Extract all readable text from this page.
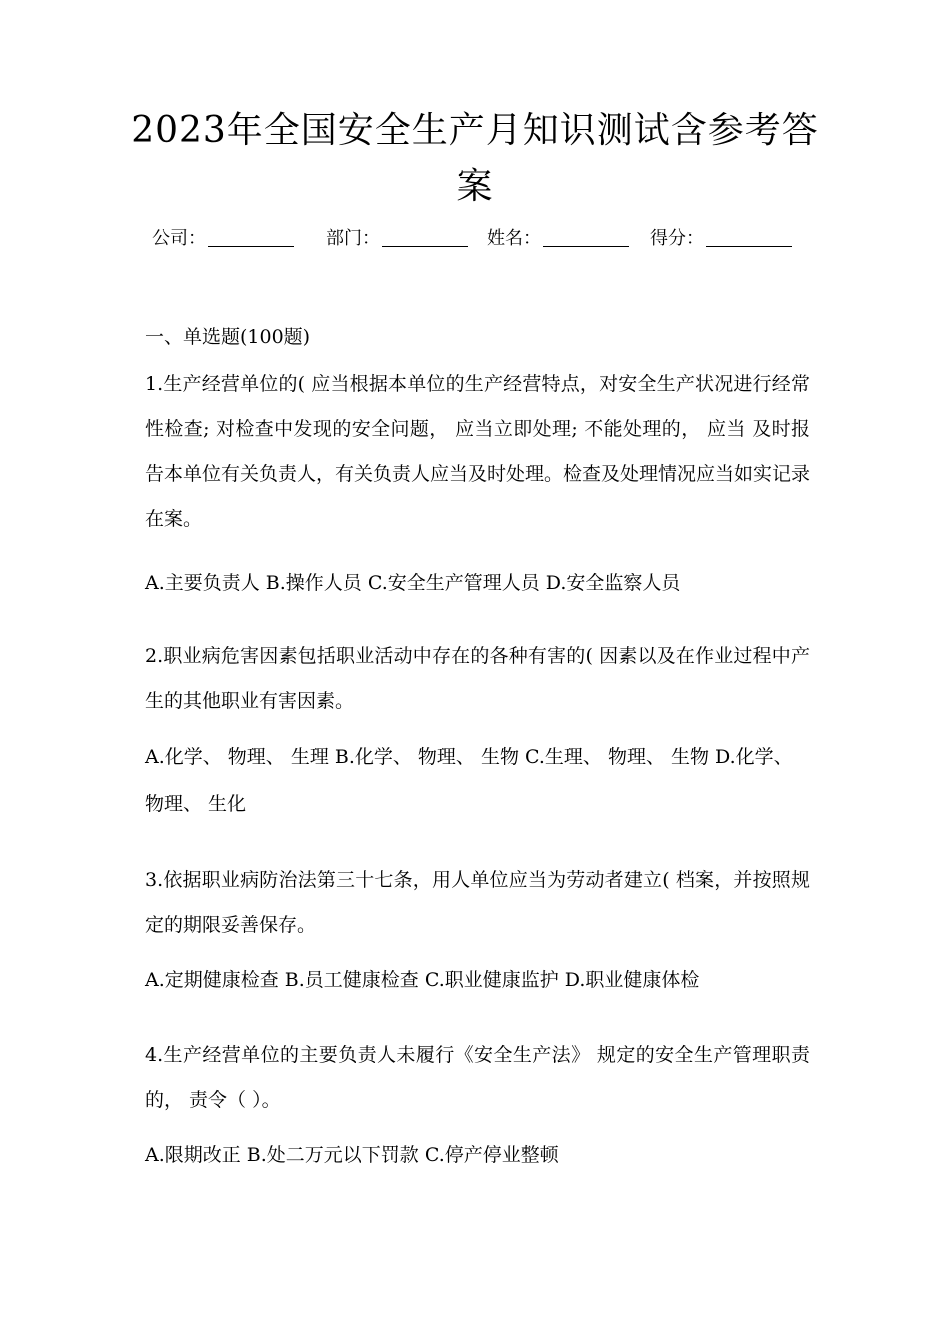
2023年全国安全生产月知识测试含参考答案
公司：	部门：	姓名：	得分：
一、单选题(100题)
1.生产经营单位的( 应当根据本单位的生产经营特点，对安全生产状况进行经常性检查; 对检查中发现的安全问题， 应当立即处理; 不能处理的， 应当 及时报告本单位有关负责人，有关负责人应当及时处理。检查及处理情况应当如实记录在案。
A.主要负责人 B.操作人员 C.安全生产管理人员 D.安全监察人员
2.职业病危害因素包括职业活动中存在的各种有害的( 因素以及在作业过程中产生的其他职业有害因素。
A.化学、 物理、 生理 B.化学、 物理、 生物 C.生理、 物理、 生物 D.化学、 物理、 生化
3.依据职业病防治法第三十七条，用人单位应当为劳动者建立( 档案，并按照规定的期限妥善保存。
A.定期健康检查 B.员工健康检查 C.职业健康监护 D.职业健康体检
4.生产经营单位的主要负责人未履行《安全生产法》 规定的安全生产管理职责的， 责令（ ）。
A.限期改正 B.处二万元以下罚款 C.停产停业整顿
